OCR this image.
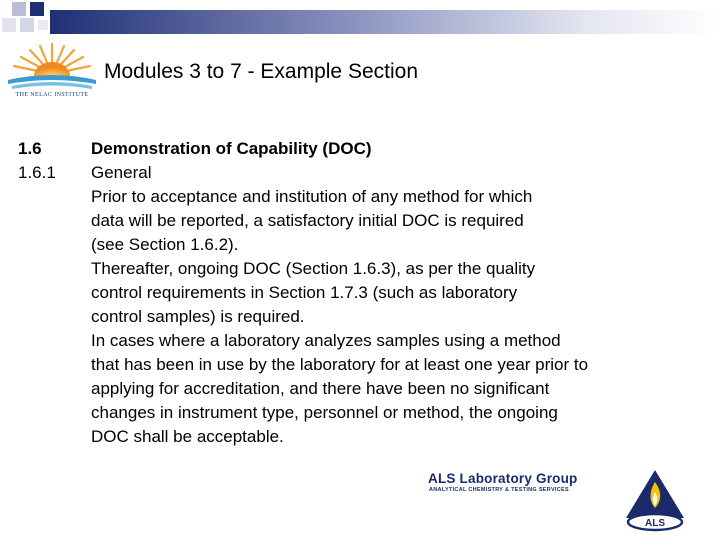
THE NELAC INSTITUTE
Modules 3 to 7 - Example Section
1.6
1.6.1
Demonstration of Capability (DOC)
General
Prior to acceptance and institution of any method for which
data will be reported, a satisfactory initial DOC is required
(see Section 1.6.2).
Thereafter, ongoing DOC (Section 1.6.3), as per the quality
control requirements in Section 1.7.3 (such as laboratory
control samples) is required.
In cases where a laboratory analyzes samples using a method
that has been in use by the laboratory for at least one year prior to
applying for accreditation, and there have been no significant
changes in instrument type, personnel or method, the ongoing
DOC shall be acceptable.
ALS Laboratory Group
ANALYTICAL CHEMISTRY & TESTING SERVICES
ALS
